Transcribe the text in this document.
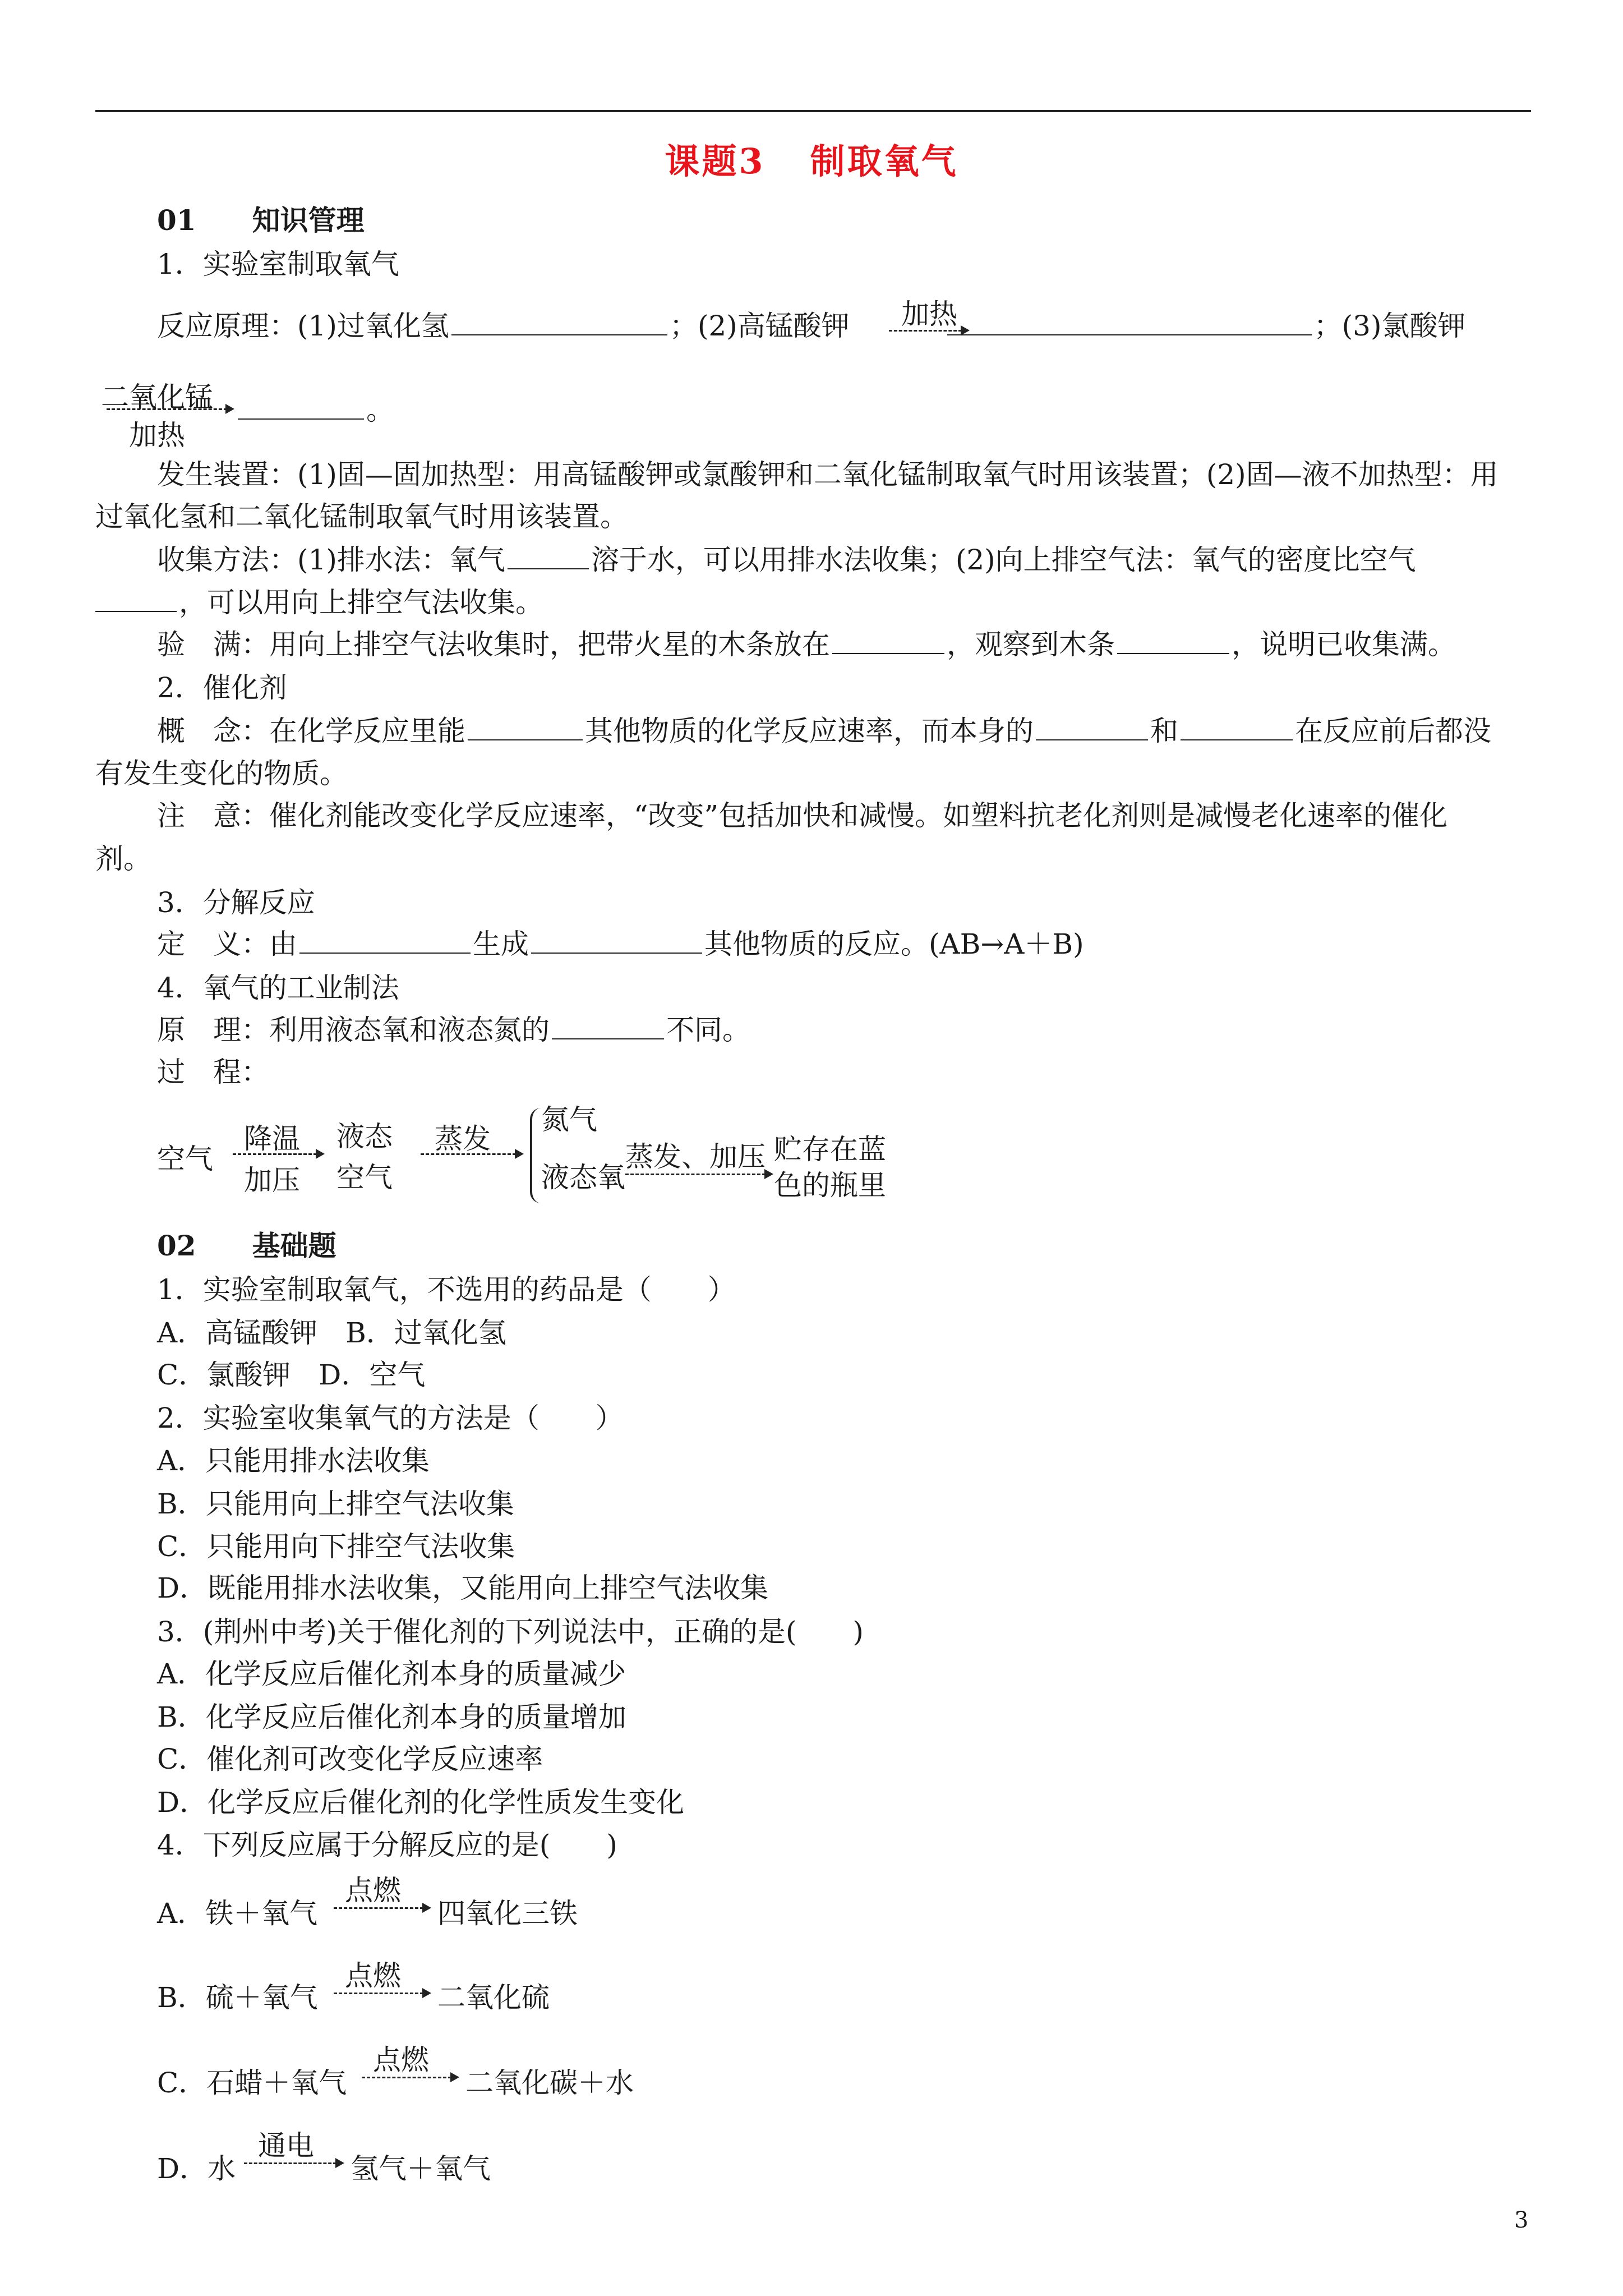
课题3 制取氧气
01 知识管理
1．实验室制取氧气
反应原理：(1)过氧化氢	；(2)高锰酸钾	；(3)氯酸钾
加热
二氧化锰
加热
。
发生装置：(1)固—固加热型：用高锰酸钾或氯酸钾和二氧化锰制取氧气时用该装置；(2)固—液不加热型：用
过氧化氢和二氧化锰制取氧气时用该装置。
收集方法：(1)排水法：氧气	溶于水，可以用排水法收集；(2)向上排空气法：氧气的密度比空气
，可以用向上排空气法收集。
验　满：用向上排空气法收集时，把带火星的木条放在	，观察到木条	，说明已收集满。
2．催化剂
概　念：在化学反应里能	其他物质的化学反应速率，而本身的	和	在反应前后都没
有发生变化的物质。
注　意：催化剂能改变化学反应速率，“改变”包括加快和减慢。如塑料抗老化剂则是减慢老化速率的催化
剂。
3．分解反应
定　义：由	生成	其他物质的反应。(AB→A＋B)
4．氧气的工业制法
原　理：利用液态氧和液态氮的	不同。
过　程：
空气
降温
加压
液态
空气
蒸发
氮气
液态氧
蒸发、加压 贮存在蓝
色的瓶里
02 基础题
1．实验室制取氧气，不选用的药品是（　　）
A．高锰酸钾　B．过氧化氢
C．氯酸钾　D．空气
2．实验室收集氧气的方法是（　　）
A．只能用排水法收集
B．只能用向上排空气法收集
C．只能用向下排空气法收集
D．既能用排水法收集，又能用向上排空气法收集
3．(荆州中考)关于催化剂的下列说法中，正确的是(　　)
A．化学反应后催化剂本身的质量减少
B．化学反应后催化剂本身的质量增加
C．催化剂可改变化学反应速率
D．化学反应后催化剂的化学性质发生变化
4．下列反应属于分解反应的是(　　)
A．铁＋氧气
点燃
四氧化三铁
B．硫＋氧气
点燃
二氧化硫
C．石蜡＋氧气
点燃
二氧化碳＋水
D．水
通电
氢气＋氧气
3
